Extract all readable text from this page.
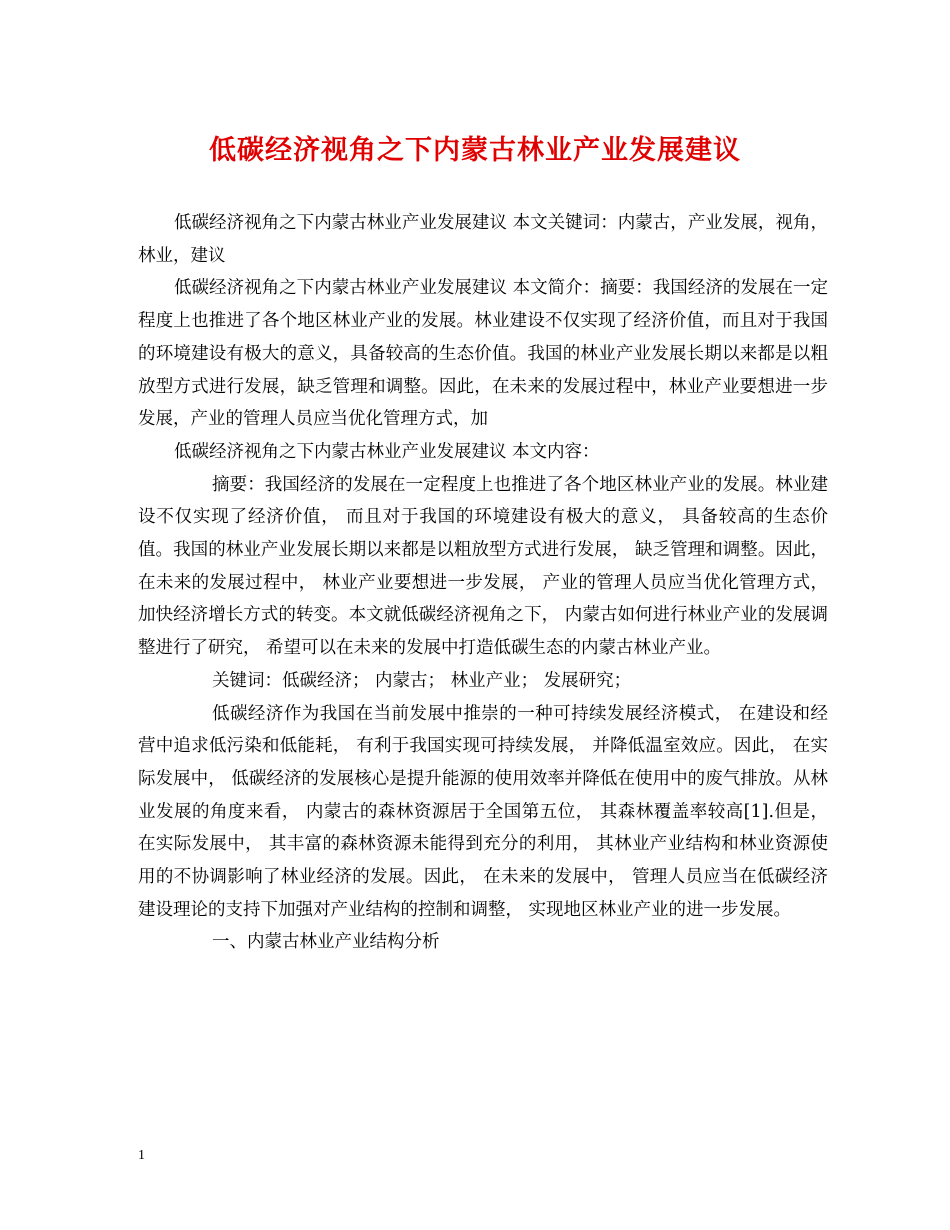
低碳经济视角之下内蒙古林业产业发展建议

低碳经济视角之下内蒙古林业产业发展建议 本文关键词：内蒙古，产业发展，视角，林业，建议

低碳经济视角之下内蒙古林业产业发展建议 本文简介：摘要：我国经济的发展在一定程度上也推进了各个地区林业产业的发展。林业建设不仅实现了经济价值，而且对于我国的环境建设有极大的意义，具备较高的生态价值。我国的林业产业发展长期以来都是以粗放型方式进行发展，缺乏管理和调整。因此，在未来的发展过程中，林业产业要想进一步发展，产业的管理人员应当优化管理方式，加

低碳经济视角之下内蒙古林业产业发展建议 本文内容：

摘要：我国经济的发展在一定程度上也推进了各个地区林业产业的发展。林业建设不仅实现了经济价值， 而且对于我国的环境建设有极大的意义， 具备较高的生态价值。我国的林业产业发展长期以来都是以粗放型方式进行发展， 缺乏管理和调整。因此， 在未来的发展过程中， 林业产业要想进一步发展， 产业的管理人员应当优化管理方式， 加快经济增长方式的转变。本文就低碳经济视角之下， 内蒙古如何进行林业产业的发展调整进行了研究， 希望可以在未来的发展中打造低碳生态的内蒙古林业产业。

关键词：低碳经济； 内蒙古； 林业产业； 发展研究；

低碳经济作为我国在当前发展中推崇的一种可持续发展经济模式， 在建设和经营中追求低污染和低能耗， 有利于我国实现可持续发展， 并降低温室效应。因此， 在实际发展中， 低碳经济的发展核心是提升能源的使用效率并降低在使用中的废气排放。从林业发展的角度来看， 内蒙古的森林资源居于全国第五位， 其森林覆盖率较高[1].但是， 在实际发展中， 其丰富的森林资源未能得到充分的利用， 其林业产业结构和林业资源使用的不协调影响了林业经济的发展。因此， 在未来的发展中， 管理人员应当在低碳经济建设理论的支持下加强对产业结构的控制和调整， 实现地区林业产业的进一步发展。

一、内蒙古林业产业结构分析

1
